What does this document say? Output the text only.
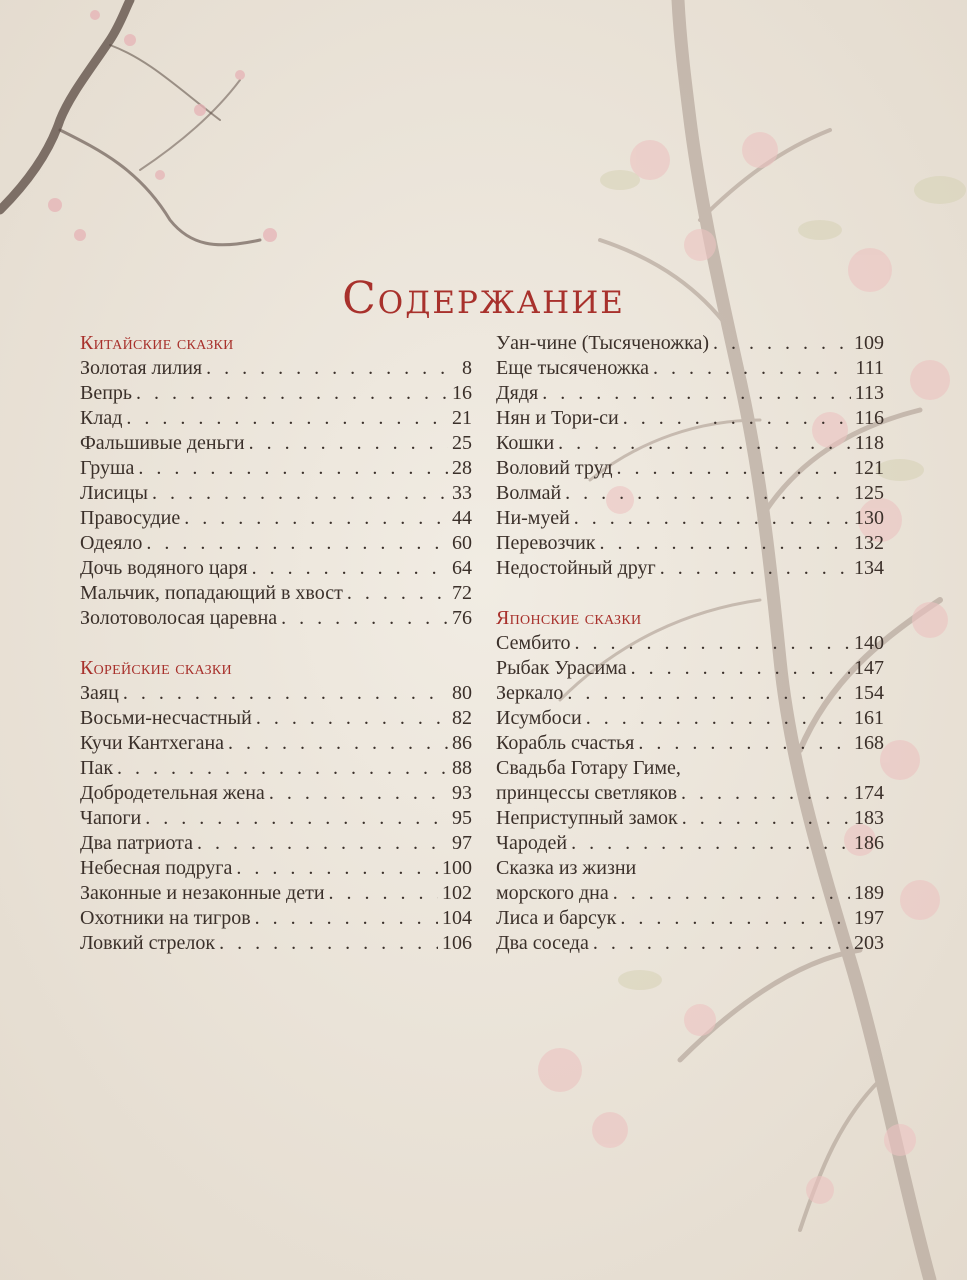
Содержание
Китайские сказки
Золотая лилия . . .	8
Вепрь . . .	16
Клад . . .	21
Фальшивые деньги . . .	25
Груша . . .	28
Лисицы . . .	33
Правосудие . . .	44
Одеяло . . .	60
Дочь водяного царя . . .	64
Мальчик, попадающий в хвост . . .	72
Золотоволосая царевна . . .	76
Корейские сказки
Заяц . . .	80
Восьми-несчастный . . .	82
Кучи Кантхегана . . .	86
Пак . . .	88
Добродетельная жена . . .	93
Чапоги . . .	95
Два патриота . . .	97
Небесная подруга . . .	100
Законные и незаконные дети . . .	102
Охотники на тигров . . .	104
Ловкий стрелок . . .	106
Уан-чине (Тысяченожка) . . .	109
Еще тысяченожка . . .	111
Дядя . . .	113
Нян и Тори-си . . .	116
Кошки . . .	118
Воловий труд . . .	121
Волмай . . .	125
Ни-муей . . .	130
Перевозчик . . .	132
Недостойный друг . . .	134
Японские сказки
Сембито . . .	140
Рыбак Урасима . . .	147
Зеркало . . .	154
Исумбоси . . .	161
Корабль счастья . . .	168
Свадьба Готару Гиме,
принцессы светляков . . .	174
Неприступный замок . . .	183
Чародей . . .	186
Сказка из жизни
морского дна . . .	189
Лиса и барсук . . .	197
Два соседа . . .	203
